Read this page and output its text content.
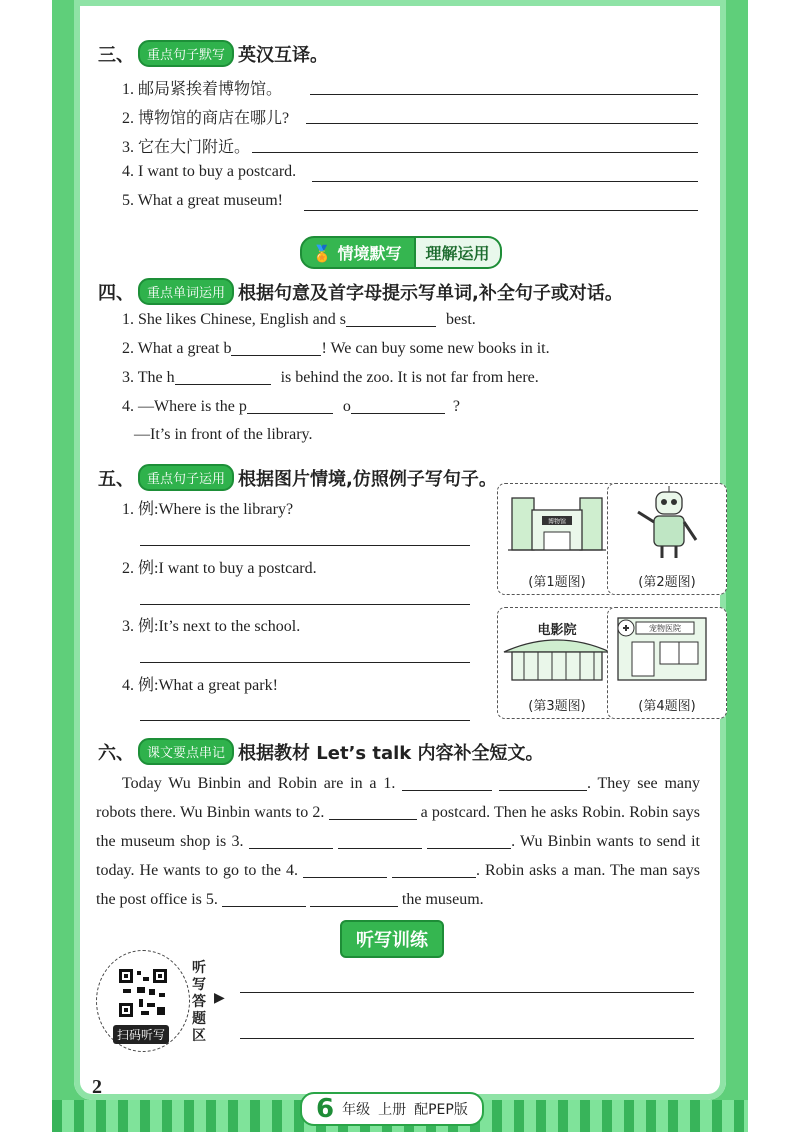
三、	重点句子默写 英汉互译。
1. 邮局紧挨着博物馆。
2. 博物馆的商店在哪儿?
3. 它在大门附近。
4. I want to buy a postcard.
5. What a great museum!
🏅 情境默写	理解运用
四、	重点单词运用 根据句意及首字母提示写单词,补全句子或对话。
1. She likes Chinese, English and s	best.
2. What a great b	! We can buy some new books in it.
3. The h	is behind the zoo. It is not far from here.
4. —Where is the p	o	?
—It’s in front of the library.
五、	重点句子运用 根据图片情境,仿照例子写句子。
1. 例:Where is the library?
2. 例:I want to buy a postcard.
3. 例:It’s next to the school.
4. 例:What a great park!
博物馆
(第1题图)	(第2题图)
电影院
(第3题图)
宠物医院
(第4题图)
六、	课文要点串记 根据教材 Let’s talk 内容补全短文。
Today Wu Binbin and Robin are in a 1.	. They see many robots there. Wu Binbin wants to 2.	a postcard. Then he asks Robin. Robin says the museum shop is 3.	. Wu Binbin wants to send it today. He wants to go to the 4.	. Robin asks a man. The man says the post office is 5.	the museum.
听写训练
扫码听写
听写答题区
▶
2
6 年级 上册 配PEP版
